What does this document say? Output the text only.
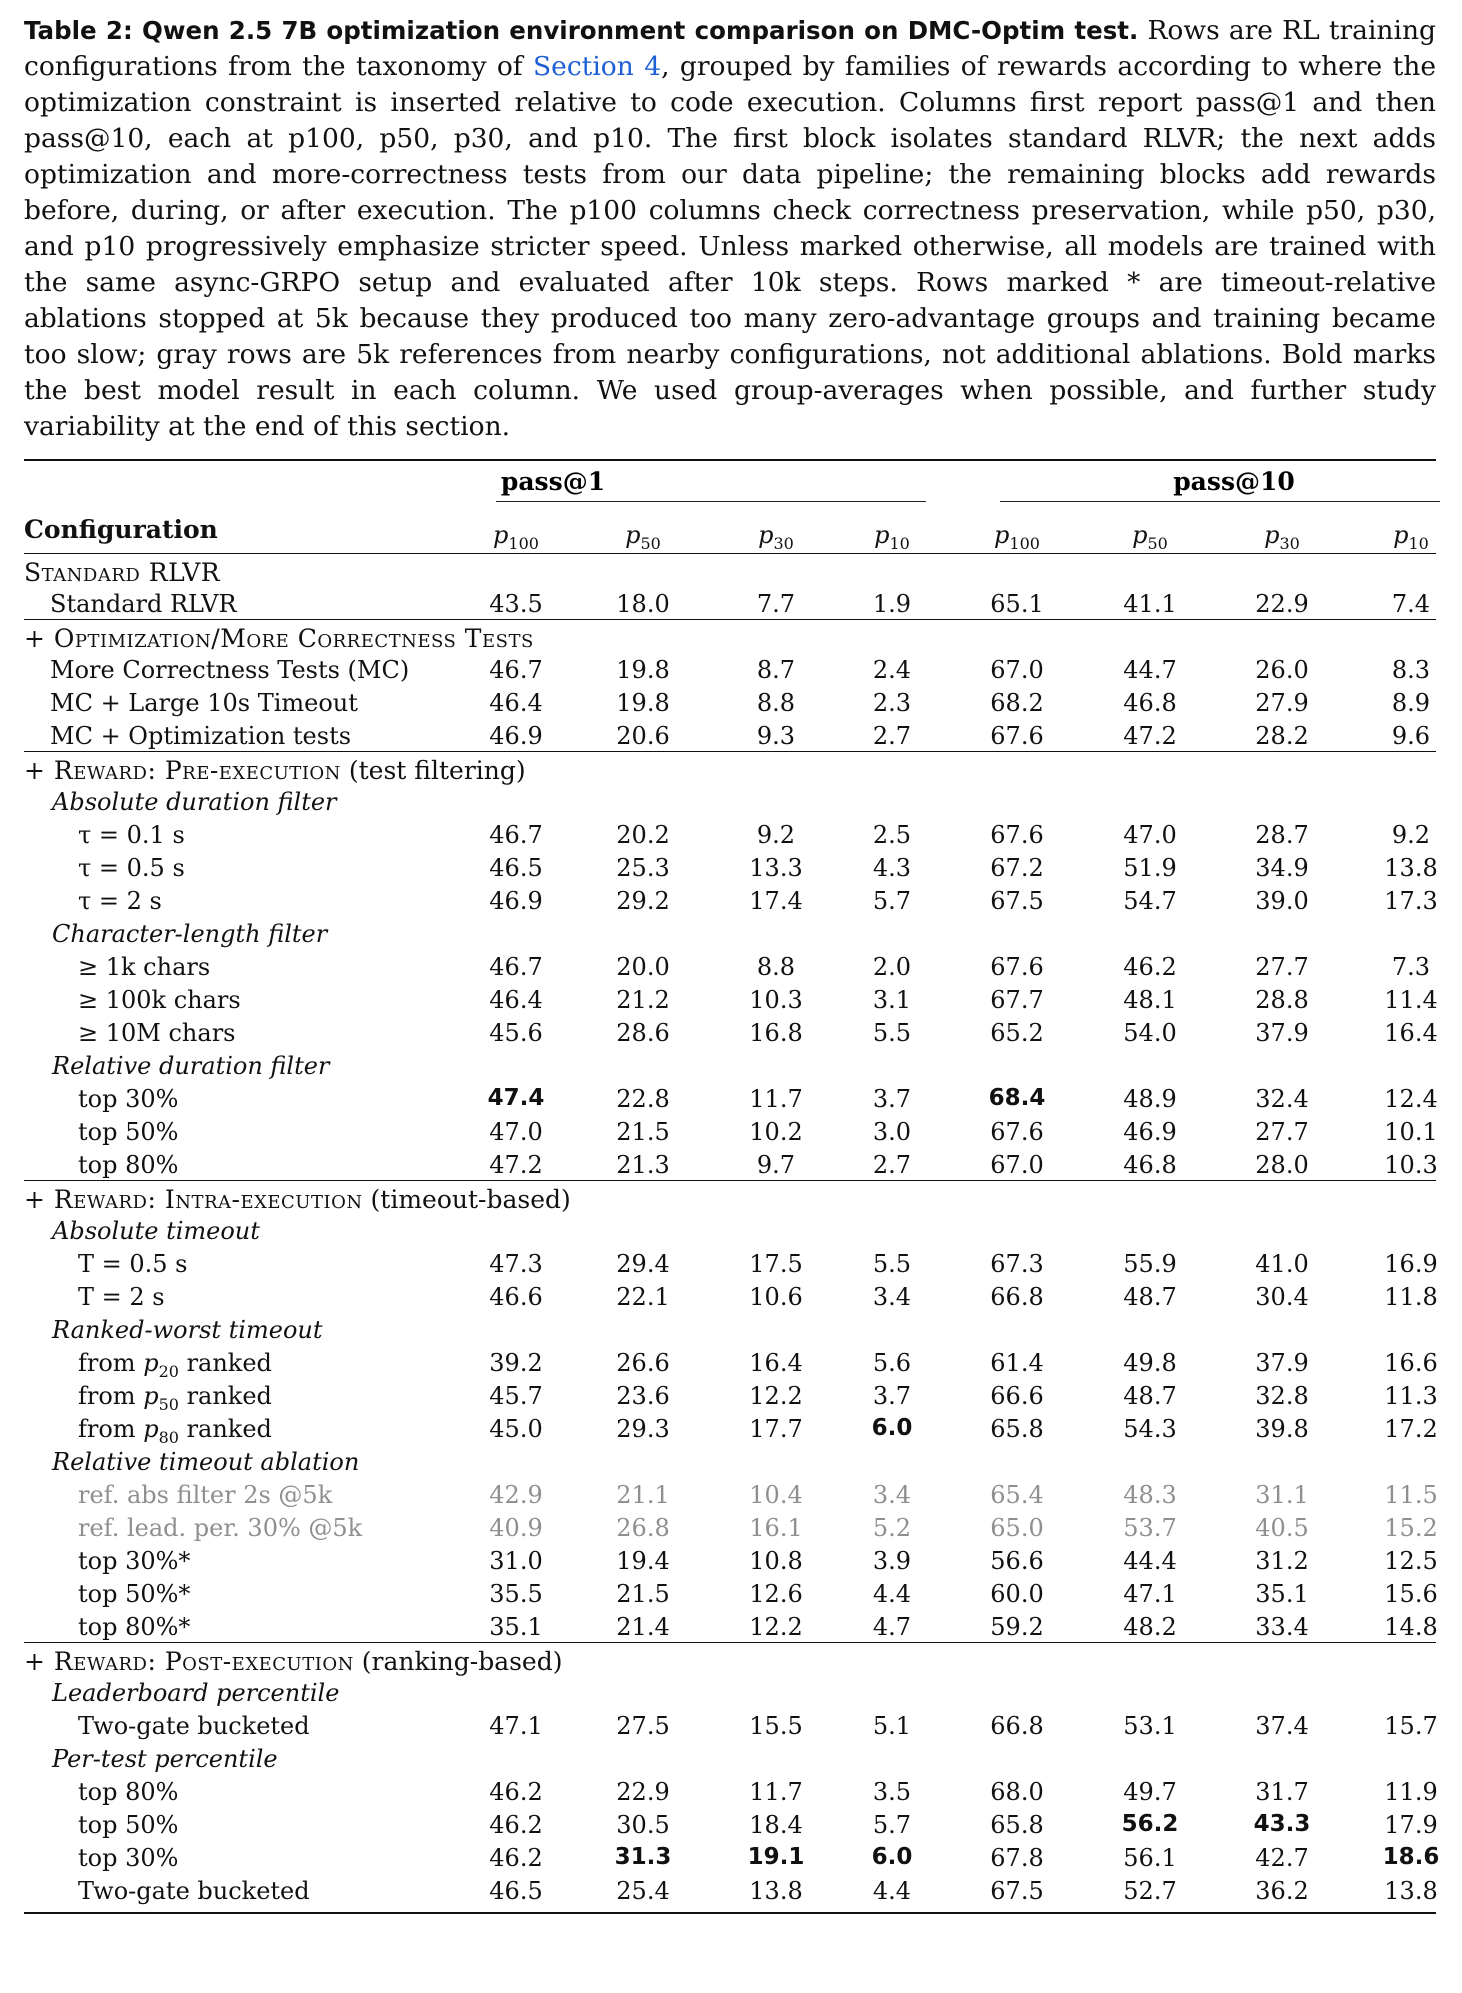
Table 2: Qwen 2.5 7B optimization environment comparison on DMC-Optim test. Rows are RL training configurations from the taxonomy of Section 4, grouped by families of rewards according to where the optimization constraint is inserted relative to code execution. Columns first report pass@1 and then pass@10, each at p100, p50, p30, and p10. The first block isolates standard RLVR; the next adds optimization and more-correctness tests from our data pipeline; the remaining blocks add rewards before, during, or after execution. The p100 columns check correctness preservation, while p50, p30, and p10 progressively emphasize stricter speed. Unless marked otherwise, all models are trained with the same async-GRPO setup and evaluated after 10k steps. Rows marked * are timeout-relative ablations stopped at 5k because they produced too many zero-advantage groups and training became too slow; gray rows are 5k references from nearby configurations, not additional ablations. Bold marks the best model result in each column. We used group-averages when possible, and further study variability at the end of this section.

pass@1	pass@10
Configuration	$p_{100}$	$p_{50}$	$p_{30}$	$p_{10}$	$p_{100}$	$p_{50}$	$p_{30}$	$p_{10}$
Standard RLVR
Standard RLVR	43.5	18.0	7.7	1.9	65.1	41.1	22.9	7.4
+ Optimization/More Correctness Tests
More Correctness Tests (MC)	46.7	19.8	8.7	2.4	67.0	44.7	26.0	8.3
MC + Large 10s Timeout	46.4	19.8	8.8	2.3	68.2	46.8	27.9	8.9
MC + Optimization tests	46.9	20.6	9.3	2.7	67.6	47.2	28.2	9.6
+ Reward: Pre-execution (test filtering)
Absolute duration filter
τ = 0.1 s	46.7	20.2	9.2	2.5	67.6	47.0	28.7	9.2
τ = 0.5 s	46.5	25.3	13.3	4.3	67.2	51.9	34.9	13.8
τ = 2 s	46.9	29.2	17.4	5.7	67.5	54.7	39.0	17.3
Character-length filter
≥ 1k chars	46.7	20.0	8.8	2.0	67.6	46.2	27.7	7.3
≥ 100k chars	46.4	21.2	10.3	3.1	67.7	48.1	28.8	11.4
≥ 10M chars	45.6	28.6	16.8	5.5	65.2	54.0	37.9	16.4
Relative duration filter
top 30%	47.4	22.8	11.7	3.7	68.4	48.9	32.4	12.4
top 50%	47.0	21.5	10.2	3.0	67.6	46.9	27.7	10.1
top 80%	47.2	21.3	9.7	2.7	67.0	46.8	28.0	10.3
+ Reward: Intra-execution (timeout-based)
Absolute timeout
T = 0.5 s	47.3	29.4	17.5	5.5	67.3	55.9	41.0	16.9
T = 2 s	46.6	22.1	10.6	3.4	66.8	48.7	30.4	11.8
Ranked-worst timeout
from $p_{20}$ ranked	39.2	26.6	16.4	5.6	61.4	49.8	37.9	16.6
from $p_{50}$ ranked	45.7	23.6	12.2	3.7	66.6	48.7	32.8	11.3
from $p_{80}$ ranked	45.0	29.3	17.7	6.0	65.8	54.3	39.8	17.2
Relative timeout ablation
ref. abs filter 2s @5k	42.9	21.1	10.4	3.4	65.4	48.3	31.1	11.5
ref. lead. per. 30% @5k	40.9	26.8	16.1	5.2	65.0	53.7	40.5	15.2
top 30%*	31.0	19.4	10.8	3.9	56.6	44.4	31.2	12.5
top 50%*	35.5	21.5	12.6	4.4	60.0	47.1	35.1	15.6
top 80%*	35.1	21.4	12.2	4.7	59.2	48.2	33.4	14.8
+ Reward: Post-execution (ranking-based)
Leaderboard percentile
Two-gate bucketed	47.1	27.5	15.5	5.1	66.8	53.1	37.4	15.7
Per-test percentile
top 80%	46.2	22.9	11.7	3.5	68.0	49.7	31.7	11.9
top 50%	46.2	30.5	18.4	5.7	65.8	56.2	43.3	17.9
top 30%	46.2	31.3	19.1	6.0	67.8	56.1	42.7	18.6
Two-gate bucketed	46.5	25.4	13.8	4.4	67.5	52.7	36.2	13.8
